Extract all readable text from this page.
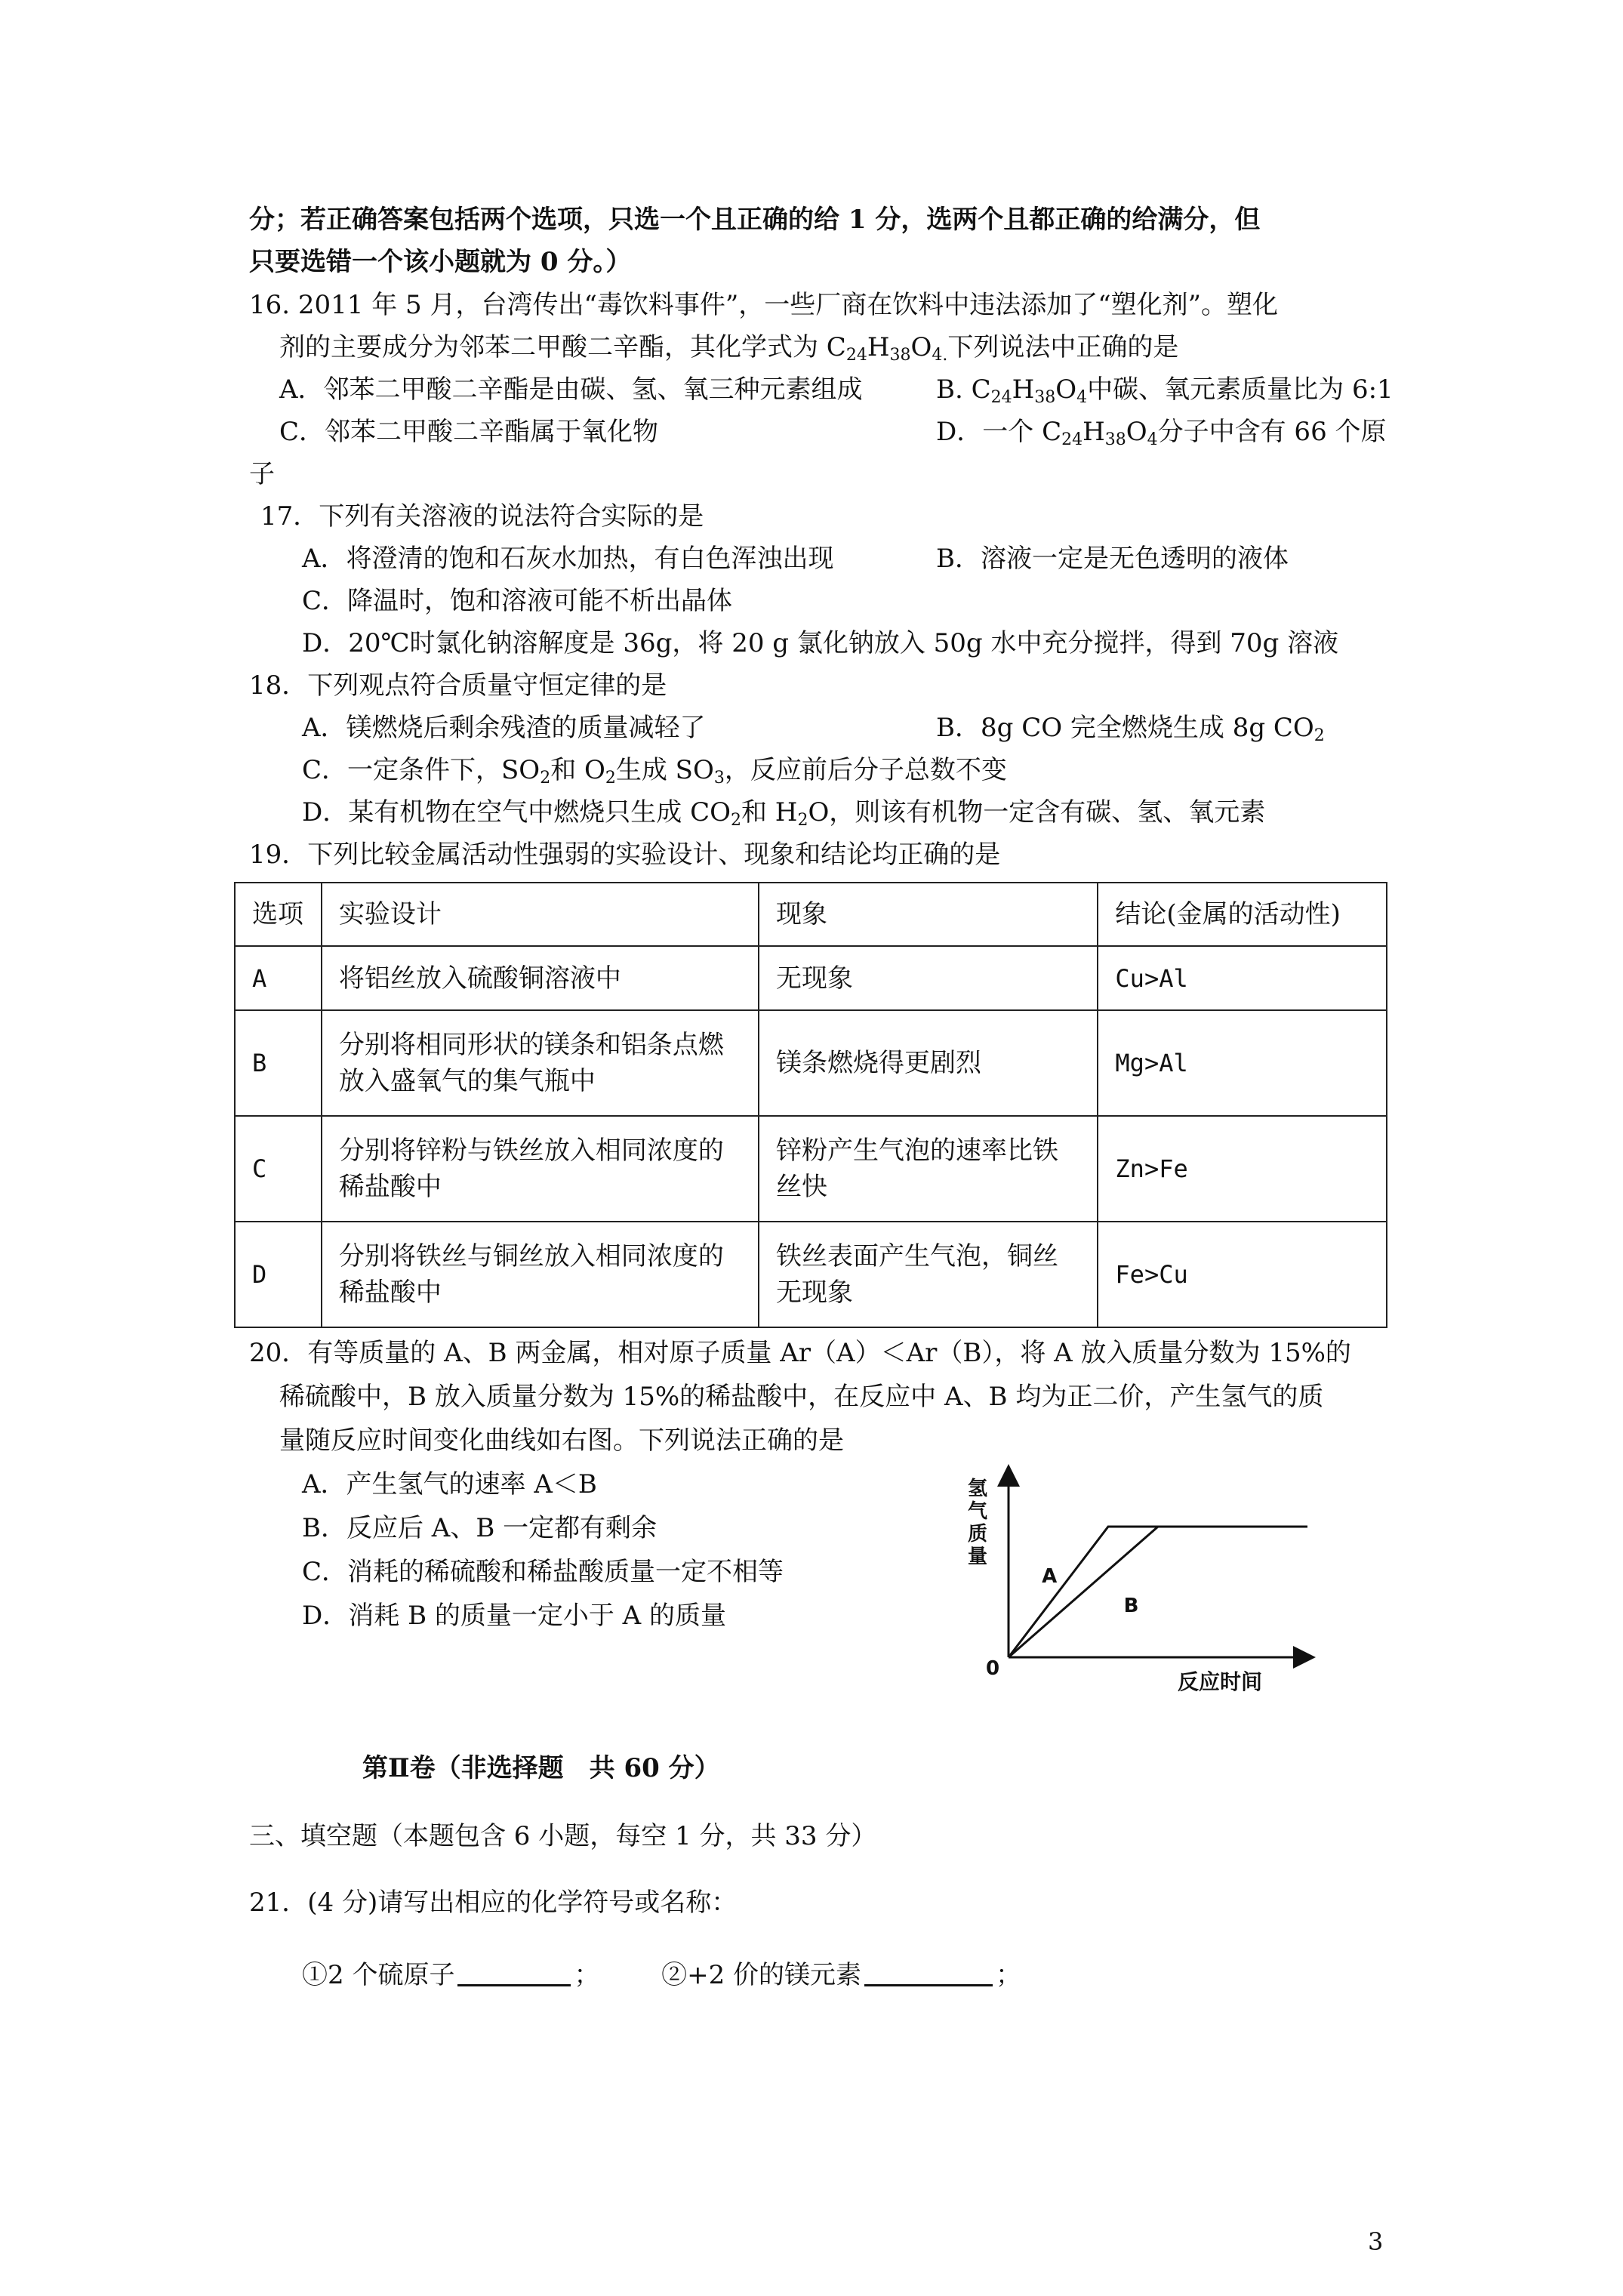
分；若正确答案包括两个选项，只选一个且正确的给 1 分，选两个且都正确的给满分，但
只要选错一个该小题就为 0 分。）
16. 2011 年 5 月，台湾传出“毒饮料事件”，一些厂商在饮料中违法添加了“塑化剂”。塑化
剂的主要成分为邻苯二甲酸二辛酯，其化学式为 $C_{24}H_{38}O_{4.}$下列说法中正确的是
A．邻苯二甲酸二辛酯是由碳、氢、氧三种元素组成	B. $C_{24}H_{38}O_4$中碳、氧元素质量比为 6:1
C．邻苯二甲酸二辛酯属于氧化物	D．一个 $C_{24}H_{38}O_4$分子中含有 66 个原
子
17．下列有关溶液的说法符合实际的是
A．将澄清的饱和石灰水加热，有白色浑浊出现	B．溶液一定是无色透明的液体
C．降温时，饱和溶液可能不析出晶体
D．20℃时氯化钠溶解度是 36g，将 20 g 氯化钠放入 50g 水中充分搅拌，得到 70g 溶液
18．下列观点符合质量守恒定律的是
A．镁燃烧后剩余残渣的质量减轻了	B．8g CO 完全燃烧生成 8g $CO_2$
C．一定条件下，$SO_2$和 $O_2$生成 $SO_3$，反应前后分子总数不变
D．某有机物在空气中燃烧只生成 $CO_2$和 $H_2O$，则该有机物一定含有碳、氢、氧元素
19．下列比较金属活动性强弱的实验设计、现象和结论均正确的是
选项	实验设计	现象	结论(金属的活动性)
A	将铝丝放入硫酸铜溶液中	无现象	Cu>Al
B	分别将相同形状的镁条和铝条点燃放入盛氧气的集气瓶中	镁条燃烧得更剧烈	Mg>Al
C	分别将锌粉与铁丝放入相同浓度的稀盐酸中	锌粉产生气泡的速率比铁丝快	Zn>Fe
D	分别将铁丝与铜丝放入相同浓度的稀盐酸中	铁丝表面产生气泡，铜丝无现象	Fe>Cu
20．有等质量的 A、B 两金属，相对原子质量 Ar（A）＜Ar（B），将 A 放入质量分数为 15%的
稀硫酸中，B 放入质量分数为 15%的稀盐酸中，在反应中 A、B 均为正二价，产生氢气的质
量随反应时间变化曲线如右图。下列说法正确的是
A．产生氢气的速率 A＜B
B．反应后 A、B 一定都有剩余
C．消耗的稀硫酸和稀盐酸质量一定不相等
D．消耗 B 的质量一定小于 A 的质量
氢气质量
反应时间
0
A
B
第Ⅱ卷（非选择题　共 60 分）
三、填空题（本题包含 6 小题，每空 1 分，共 33 分）
21．(4 分)请写出相应的化学符号或名称：
①2 个硫原子	； ②+2 价的镁元素	；
3
